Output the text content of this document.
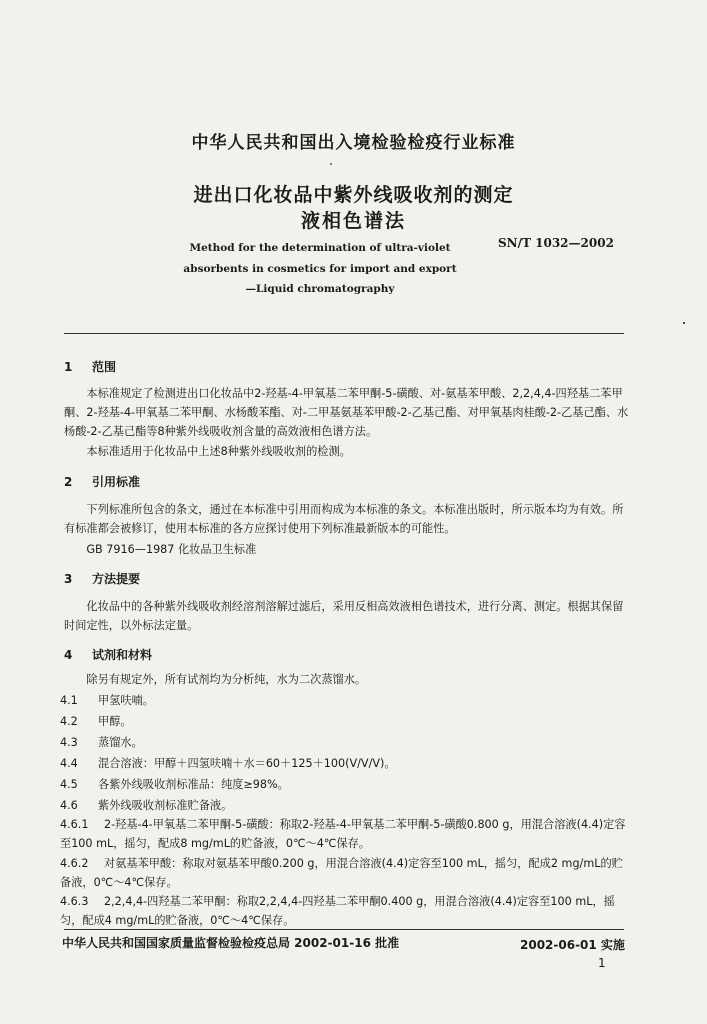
中华人民共和国出入境检验检疫行业标准
进出口化妆品中紫外线吸收剂的测定
液相色谱法
SN/T 1032—2002
Method for the determination of ultra-violet
absorbents in cosmetics for import and export
—Liquid chromatography
1 范围
本标准规定了检测进出口化妆品中2-羟基-4-甲氧基二苯甲酮-5-磺酸、对-氨基苯甲酸、2,2,4,4-四羟基二苯甲酮、2-羟基-4-甲氧基二苯甲酮、水杨酸苯酯、对-二甲基氨基苯甲酸-2-乙基己酯、对甲氧基肉桂酸-2-乙基己酯、水杨酸-2-乙基己酯等8种紫外线吸收剂含量的高效液相色谱方法。
本标准适用于化妆品中上述8种紫外线吸收剂的检测。
2 引用标准
下列标准所包含的条文，通过在本标准中引用而构成为本标准的条文。本标准出版时，所示版本均为有效。所有标准都会被修订，使用本标准的各方应探讨使用下列标准最新版本的可能性。
GB 7916—1987 化妆品卫生标准
3 方法提要
化妆品中的各种紫外线吸收剂经溶剂溶解过滤后，采用反相高效液相色谱技术，进行分离、测定。根据其保留时间定性，以外标法定量。
4 试剂和材料
除另有规定外，所有试剂均为分析纯，水为二次蒸馏水。
4.1 甲氢呋喃。
4.2 甲醇。
4.3 蒸馏水。
4.4 混合溶液：甲醇＋四氢呋喃＋水＝60＋125＋100(V/V/V)。
4.5 各紫外线吸收剂标准品：纯度≥98%。
4.6 紫外线吸收剂标准贮备液。
4.6.1 2-羟基-4-甲氧基二苯甲酮-5-磺酸：称取2-羟基-4-甲氧基二苯甲酮-5-磺酸0.800 g，用混合溶液(4.4)定容至100 mL，摇匀，配成8 mg/mL的贮备液，0℃～4℃保存。
4.6.2 对氨基苯甲酸：称取对氨基苯甲酸0.200 g，用混合溶液(4.4)定容至100 mL，摇匀，配成2 mg/mL的贮备液，0℃～4℃保存。
4.6.3 2,2,4,4-四羟基二苯甲酮：称取2,2,4,4-四羟基二苯甲酮0.400 g，用混合溶液(4.4)定容至100 mL，摇匀，配成4 mg/mL的贮备液，0℃～4℃保存。
中华人民共和国国家质量监督检验检疫总局 2002-01-16 批准	2002-06-01 实施
1
